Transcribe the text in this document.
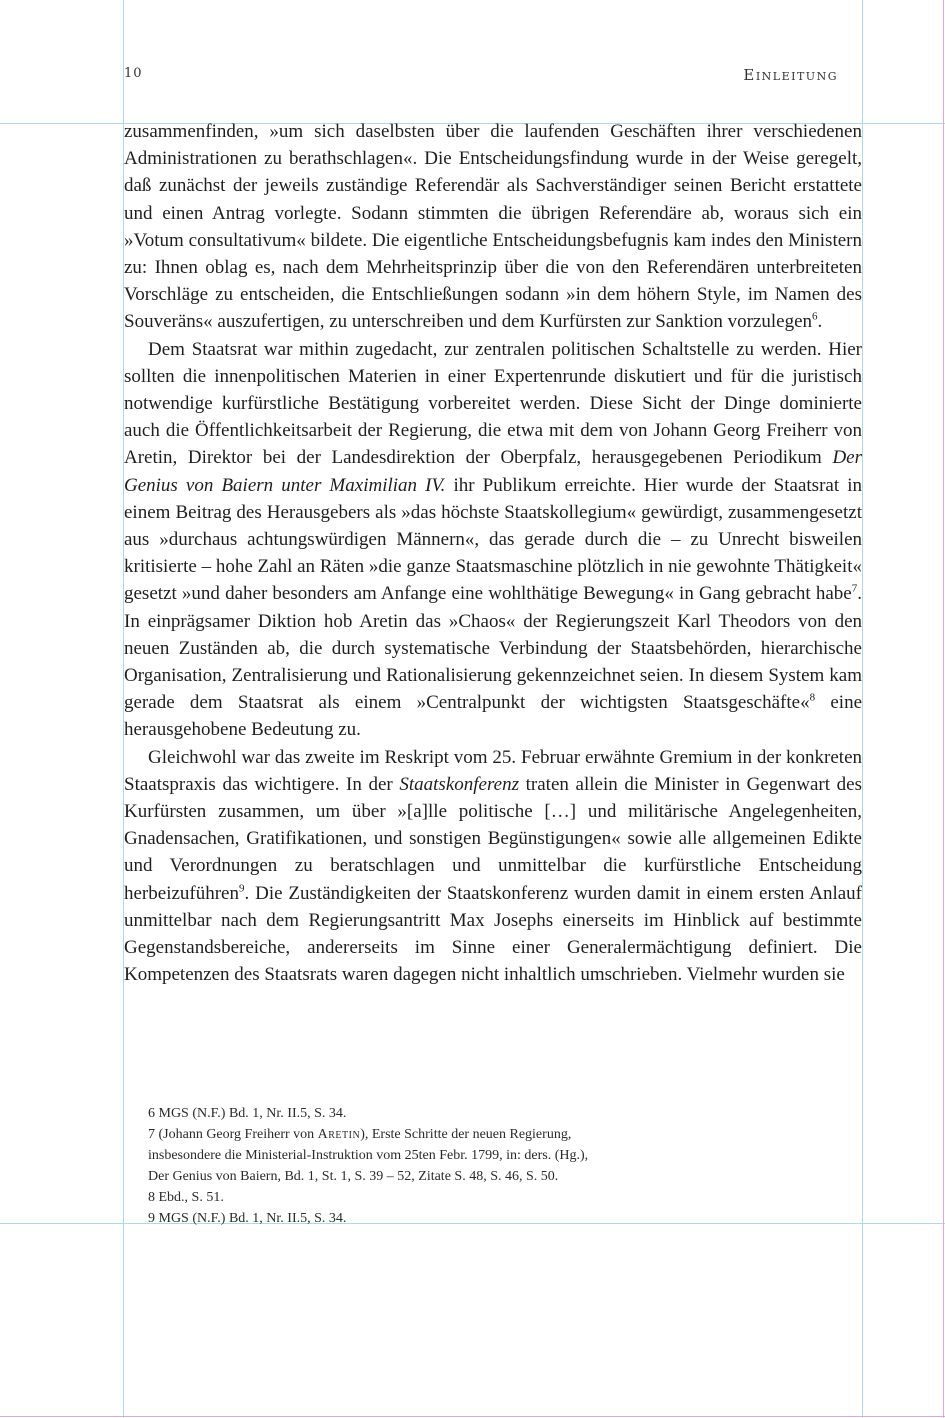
10	Einleitung

zusammenfinden, »um sich daselbsten über die laufenden Geschäften ihrer verschiedenen Administrationen zu berathschlagen«. Die Entscheidungsfindung wurde in der Weise geregelt, daß zunächst der jeweils zuständige Referendär als Sachverständiger seinen Bericht erstattete und einen Antrag vorlegte. Sodann stimmten die übrigen Referendäre ab, woraus sich ein »Votum consultativum« bildete. Die eigentliche Entscheidungsbefugnis kam indes den Ministern zu: Ihnen oblag es, nach dem Mehrheitsprinzip über die von den Referendären unterbreiteten Vorschläge zu entscheiden, die Entschließungen sodann »in dem höhern Style, im Namen des Souveräns« auszufertigen, zu unterschreiben und dem Kurfürsten zur Sanktion vorzulegen$^6$.

Dem Staatsrat war mithin zugedacht, zur zentralen politischen Schaltstelle zu werden. Hier sollten die innenpolitischen Materien in einer Expertenrunde diskutiert und für die juristisch notwendige kurfürstliche Bestätigung vorbereitet werden. Diese Sicht der Dinge dominierte auch die Öffentlichkeitsarbeit der Regierung, die etwa mit dem von Johann Georg Freiherr von Aretin, Direktor bei der Landesdirektion der Oberpfalz, herausgegebenen Periodikum Der Genius von Baiern unter Maximilian IV. ihr Publikum erreichte. Hier wurde der Staatsrat in einem Beitrag des Herausgebers als »das höchste Staatskollegium« gewürdigt, zusammengesetzt aus »durchaus achtungswürdigen Männern«, das gerade durch die – zu Unrecht bisweilen kritisierte – hohe Zahl an Räten »die ganze Staatsmaschine plötzlich in nie gewohnte Thätigkeit« gesetzt »und daher besonders am Anfange eine wohlthätige Bewegung« in Gang gebracht habe$^7$. In einprägsamer Diktion hob Aretin das »Chaos« der Regierungszeit Karl Theodors von den neuen Zuständen ab, die durch systematische Verbindung der Staatsbehörden, hierarchische Organisation, Zentralisierung und Rationalisierung gekennzeichnet seien. In diesem System kam gerade dem Staatsrat als einem »Centralpunkt der wichtigsten Staatsgeschäfte«$^8$ eine herausgehobene Bedeutung zu.

Gleichwohl war das zweite im Reskript vom 25. Februar erwähnte Gremium in der konkreten Staatspraxis das wichtigere. In der Staatskonferenz traten allein die Minister in Gegenwart des Kurfürsten zusammen, um über »[a]lle politische […] und militärische Angelegenheiten, Gnadensachen, Gratifikationen, und sonstigen Begünstigungen« sowie alle allgemeinen Edikte und Verordnungen zu beratschlagen und unmittelbar die kurfürstliche Entscheidung herbeizuführen$^9$. Die Zuständigkeiten der Staatskonferenz wurden damit in einem ersten Anlauf unmittelbar nach dem Regierungsantritt Max Josephs einerseits im Hinblick auf bestimmte Gegenstandsbereiche, andererseits im Sinne einer Generalermächtigung definiert. Die Kompetenzen des Staatsrats waren dagegen nicht inhaltlich umschrieben. Vielmehr wurden sie

6 MGS (N.F.) Bd. 1, Nr. II.5, S. 34.
7 (Johann Georg Freiherr von Aretin), Erste Schritte der neuen Regierung,
insbesondere die Ministerial-Instruktion vom 25ten Febr. 1799, in: ders. (Hg.),
Der Genius von Baiern, Bd. 1, St. 1, S. 39 – 52, Zitate S. 48, S. 46, S. 50.
8 Ebd., S. 51.
9 MGS (N.F.) Bd. 1, Nr. II.5, S. 34.
